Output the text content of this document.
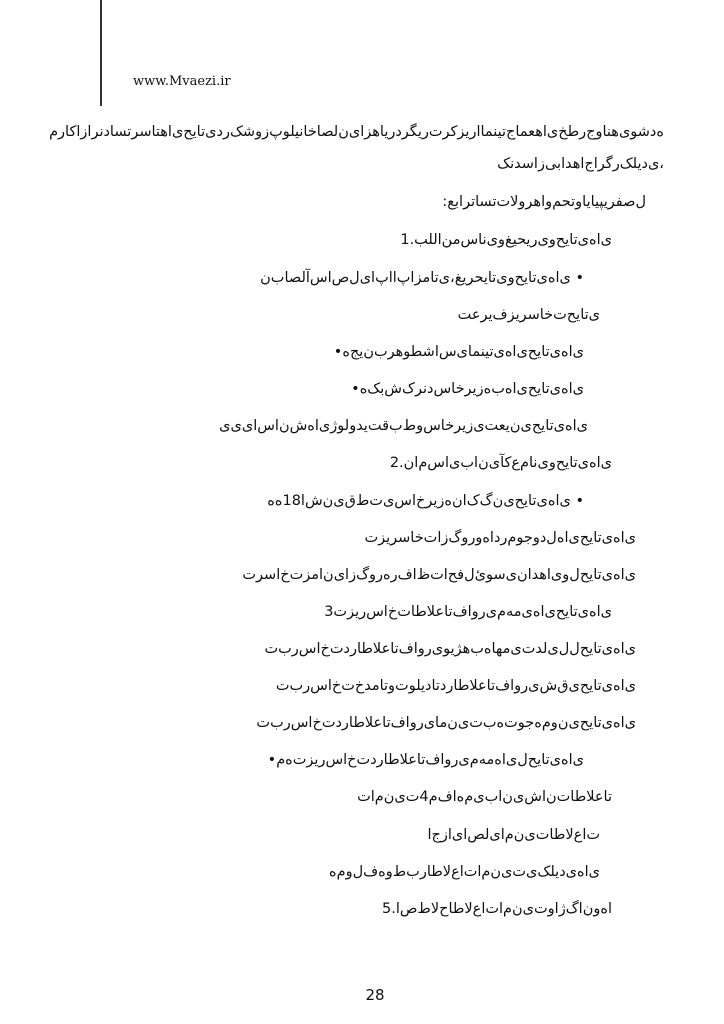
www.Mvaezi.ir
ه‌دشوی‌هناوج‌رطخ‌ی‌اهعماج‌تینما‌اریز‌کرت‌ریگرد‌ریاهزای‌ن‌لصا‌خانیلوپ‌زوشک‌رد‌ی‌تایح‌ی‌اهتاسر‌تسا‌دنرا‌زاکارم
،ی‌دیلک‌رگراج‌اهدابی‌زا‌سدنک
ل‌صفر‌یپیا‌یاوتحم‌و‌اهرولات‌تسا‌ترابع:
ی‌اه‌ی‌تایح‌و‌ی‌ریحیغ‌و‌ی‌ناس‌من‌اللب.1
• ی‌اه‌ی‌تایح‌و‌ی‌تایحریغ‌،ی‌تامز‌اپ‌ا‌اپ‌ای‌ل‌ص‌اس‌آ‌لصا‌ب‌ن
ی‌تایح‌ت‌خاسریز‌ف‌یرعت
ی‌اه‌ی‌تایح‌ی‌اه‌ی‌تینما‌ی‌س‌ا‌شطوهرب‌ن‌یج‌ه•
ی‌اه‌ی‌تایح‌ی‌اه‌ب‌ه‌زیرخاس‌دنرک‌ش‌بک‌ه•
ی‌اه‌ی‌تایح‌ی‌ن‌یعت‌ی‌زیرخاس‌و‌ط‌ب‌قت‌یدولوژی‌اه‌ش‌ن‌اس‌ای‌ی‌ی
ی‌اه‌ی‌تایح‌و‌ی‌نام‌ع‌کآ‌ی‌ن‌ا‌ب‌ی‌اس‌م‌ان‌.2
• ی‌اه‌ی‌تایح‌ی‌ن‌گ‌ک‌ا‌ن‌ه‌زیرخ‌اس‌ی‌ت‌ط‌ق‌ی‌ن‌ش‌ا‌18‌ه‌ه
ی‌اه‌ی‌تایح‌ی‌اه‌ل‌دوجوم‌رد‌اه‌وروگ‌زا‌ت‌خاسریز‌ت
ی‌اه‌ی‌تایح‌ل‌و‌ی‌اهدان‌ی‌سوئ‌ل‌فح‌ات‌ظ‌اف‌ر‌ه‌روگ‌زا‌ی‌ن‌ا‌مز‌ت‌خ‌اسر‌ت
ی‌اه‌ی‌تایح‌ی‌اه‌ی‌مه‌م‌ی‌روا‌ف‌تاعلاطا‌ت‌خ‌اس‌ریز‌ت‌3
ی‌اه‌ی‌تایح‌ل‌ل‌ی‌لد‌ت‌ی‌مها‌ه‌ب‌هژیو‌ی‌روا‌ف‌تاعلاطا‌رد‌ت‌خ‌اس‌رب‌ت
ی‌اه‌ی‌تایح‌ی‌ق‌ش‌ی‌روا‌ف‌تاعلاطا‌رد‌تادیلوت‌و‌تامدخ‌ت‌خ‌اس‌رب‌ت
ی‌اه‌ی‌تایح‌ی‌ن‌وم‌ه‌جوت‌ه‌ب‌ت‌ی‌ن‌ما‌ی‌روا‌ف‌تاعلاطا‌رد‌ت‌خ‌اس‌رب‌ت
ی‌اه‌ی‌تایح‌ل‌ی‌اه‌مه‌م‌ی‌روا‌ف‌تاعلاطا‌رد‌ت‌خ‌اس‌ریز‌ت‌ه‌م‌•
تاعلاطا‌ت‌ن‌ا‌ش‌ی‌ن‌ا‌ب‌ی‌م‌ه‌ا‌ف‌م‌4‌ت‌ی‌ن‌م‌ا‌ت
ت‌ا‌ع‌لاطا‌ت‌ی‌ن‌م‌ا‌ی‌لص‌ا‌ی‌ازج‌ا
ی‌اه‌ی‌دیلک‌ی‌ت‌ی‌ن‌م‌ا‌ت‌ا‌ع‌لاطا‌ر‌ب‌ط‌و‌ه‌ف‌ل‌و‌م‌ه
ا‌ه‌و‌ن‌ا‌گ‌ژ‌ا‌و‌ت‌ی‌ن‌م‌ا‌ت‌ا‌ع‌لاطا‌ح‌لاط‌ص‌ا‌.5
28
